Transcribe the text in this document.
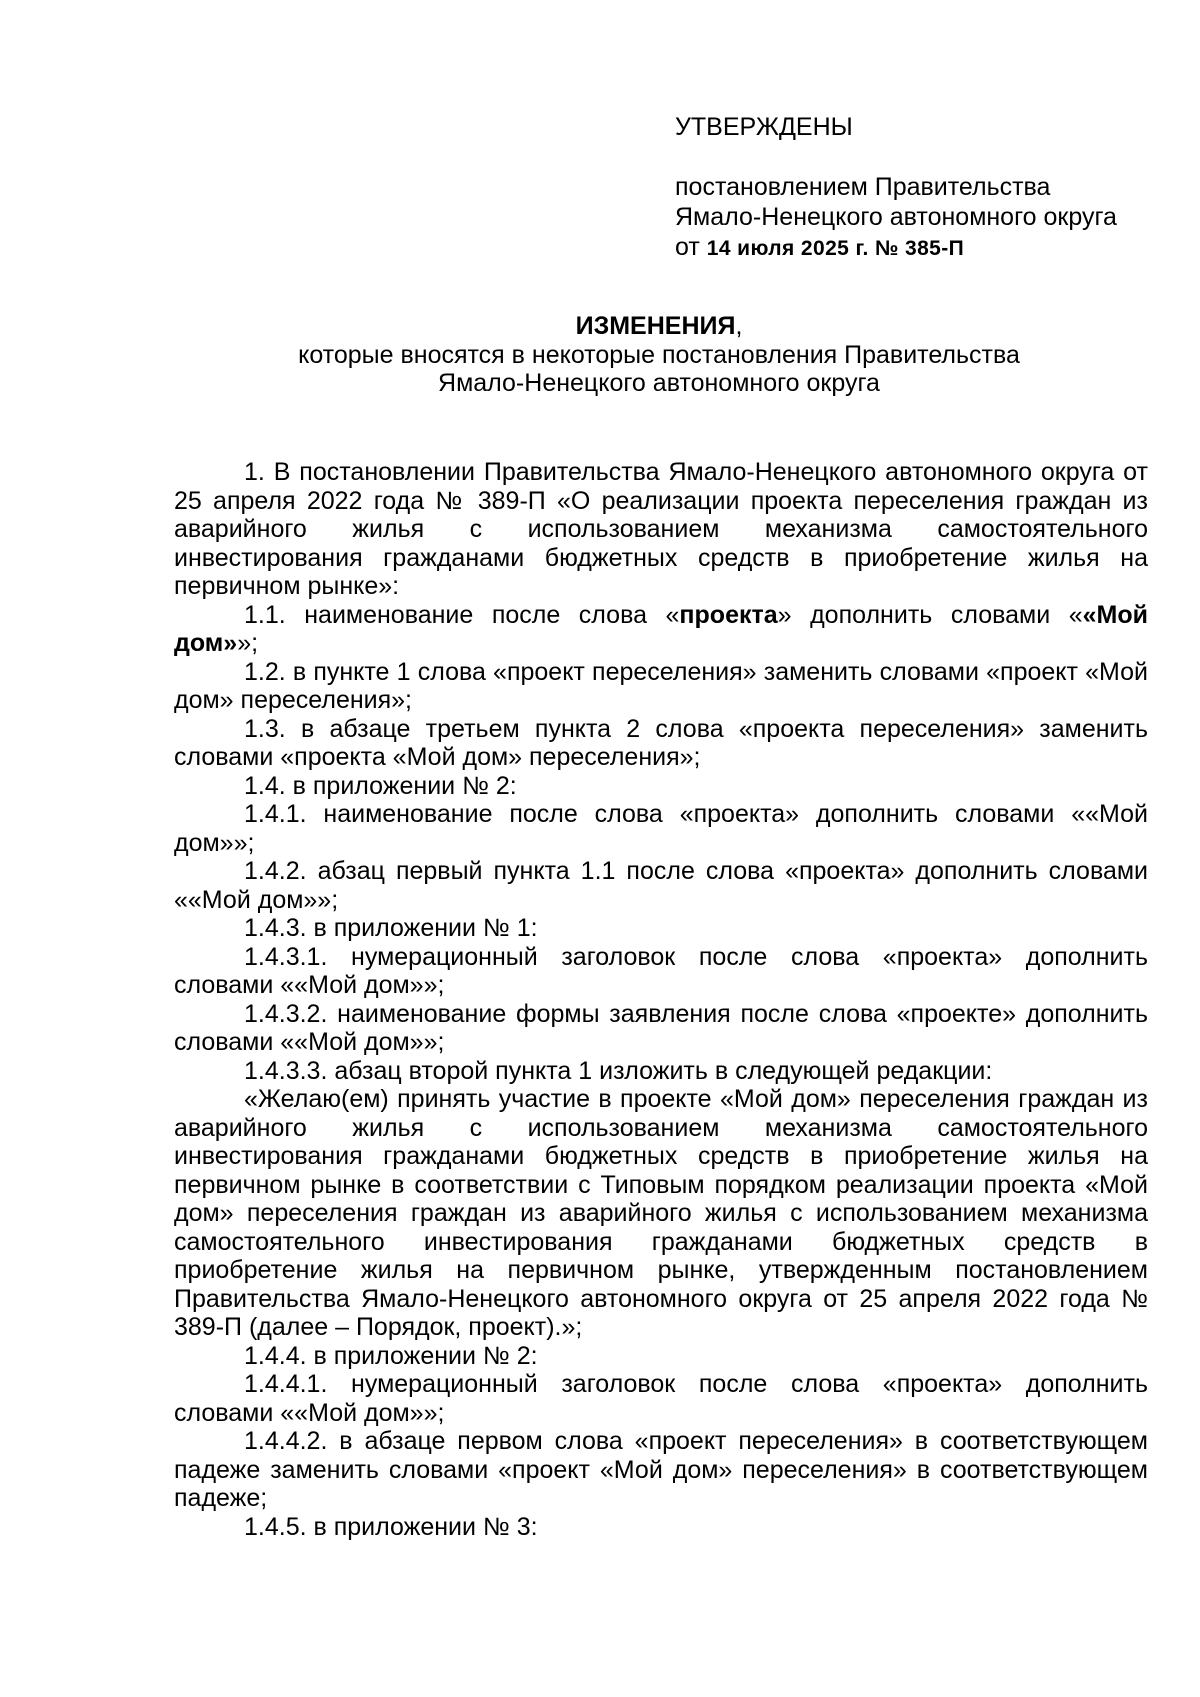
УТВЕРЖДЕНЫ
постановлением Правительства
Ямало-Ненецкого автономного округа
от 14 июля 2025 г. № 385-П
ИЗМЕНЕНИЯ,
которые вносятся в некоторые постановления Правительства
Ямало-Ненецкого автономного округа

1. В постановлении Правительства Ямало-Ненецкого автономного округа от 25 апреля 2022 года № 389-П «О реализации проекта переселения граждан из аварийного жилья с использованием механизма самостоятельного инвестирования гражданами бюджетных средств в приобретение жилья на первичном рынке»:

1.1. наименование после слова «проекта» дополнить словами ««Мой дом»»;

1.2. в пункте 1 слова «проект переселения» заменить словами «проект «Мой дом» переселения»;

1.3. в абзаце третьем пункта 2 слова «проекта переселения» заменить словами «проекта «Мой дом» переселения»;

1.4. в приложении № 2:

1.4.1. наименование после слова «проекта» дополнить словами ««Мой дом»»;

1.4.2. абзац первый пункта 1.1 после слова «проекта» дополнить словами ««Мой дом»»;

1.4.3. в приложении № 1:

1.4.3.1. нумерационный заголовок после слова «проекта» дополнить словами ««Мой дом»»;

1.4.3.2. наименование формы заявления после слова «проекте» дополнить словами ««Мой дом»»;

1.4.3.3. абзац второй пункта 1 изложить в следующей редакции:

«Желаю(ем) принять участие в проекте «Мой дом» переселения граждан из аварийного жилья с использованием механизма самостоятельного инвестирования гражданами бюджетных средств в приобретение жилья на первичном рынке в соответствии с Типовым порядком реализации проекта «Мой дом» переселения граждан из аварийного жилья с использованием механизма самостоятельного инвестирования гражданами бюджетных средств в приобретение жилья на первичном рынке, утвержденным постановлением Правительства Ямало-Ненецкого автономного округа от 25 апреля 2022 года № 389-П (далее – Порядок, проект).»;

1.4.4. в приложении № 2:

1.4.4.1. нумерационный заголовок после слова «проекта» дополнить словами ««Мой дом»»;

1.4.4.2. в абзаце первом слова «проект переселения» в соответствующем падеже заменить словами «проект «Мой дом» переселения» в соответствующем падеже;

1.4.5. в приложении № 3:
